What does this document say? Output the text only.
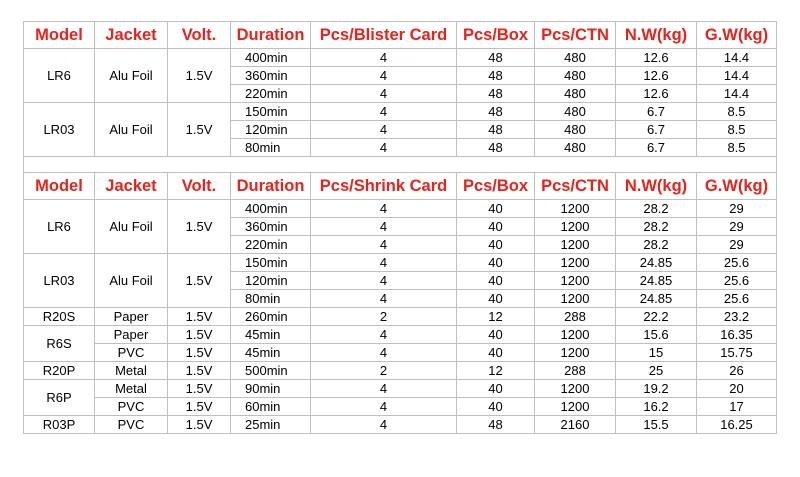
Model	Jacket	Volt.	Duration	Pcs/Blister Card	Pcs/Box	Pcs/CTN	N.W(kg)	G.W(kg)
LR6	Alu Foil	1.5V	400min	4	48	480	12.6	14.4
			360min	4	48	480	12.6	14.4
			220min	4	48	480	12.6	14.4
LR03	Alu Foil	1.5V	150min	4	48	480	6.7	8.5
			120min	4	48	480	6.7	8.5
			80min	4	48	480	6.7	8.5

Model	Jacket	Volt.	Duration	Pcs/Shrink Card	Pcs/Box	Pcs/CTN	N.W(kg)	G.W(kg)
LR6	Alu Foil	1.5V	400min	4	40	1200	28.2	29
			360min	4	40	1200	28.2	29
			220min	4	40	1200	28.2	29
LR03	Alu Foil	1.5V	150min	4	40	1200	24.85	25.6
			120min	4	40	1200	24.85	25.6
			80min	4	40	1200	24.85	25.6
R20S	Paper	1.5V	260min	2	12	288	22.2	23.2
R6S	Paper	1.5V	45min	4	40	1200	15.6	16.35
	PVC	1.5V	45min	4	40	1200	15	15.75
R20P	Metal	1.5V	500min	2	12	288	25	26
R6P	Metal	1.5V	90min	4	40	1200	19.2	20
	PVC	1.5V	60min	4	40	1200	16.2	17
R03P	PVC	1.5V	25min	4	48	2160	15.5	16.25
